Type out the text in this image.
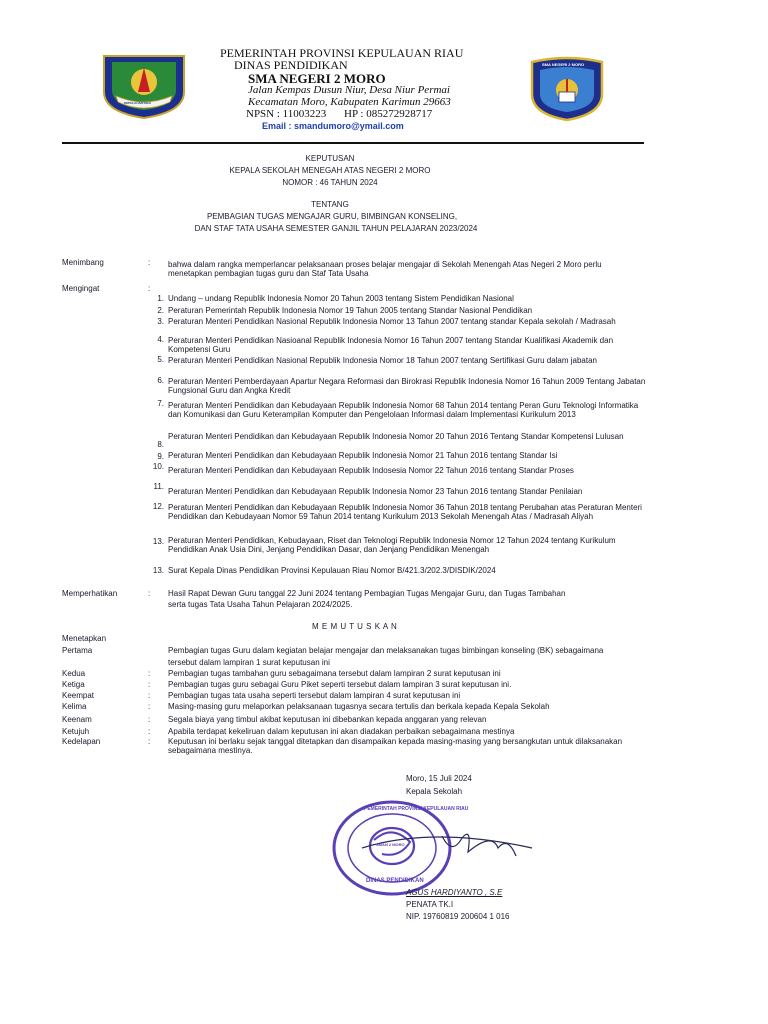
KEPULAUAN RIAU
PEMERINTAH PROVINSI KEPULAUAN RIAU
DINAS PENDIDIKAN
SMA NEGERI 2 MORO
Jalan Kempas Dusun Niur, Desa Niur Permai
Kecamatan Moro, Kabupaten Karimun 29663
NPSN : 11003223 HP : 085272928717
Email : smandumoro@ymail.com
SMA NEGERI 2 MORO
KEPUTUSAN
KEPALA SEKOLAH MENEGAH ATAS NEGERI 2 MORO
NOMOR : 46 TAHUN 2024
TENTANG
PEMBAGIAN TUGAS MENGAJAR GURU, BIMBINGAN KONSELING,
DAN STAF TATA USAHA SEMESTER GANJIL TAHUN PELAJARAN 2023/2024
Menimbang	: bahwa dalam rangka memperlancar pelaksanaan proses belajar mengajar di Sekolah Menengah Atas Negeri 2 Moro perlu menetapkan pembagian tugas guru dan Staf Tata Usaha
Mengingat	:
1. Undang – undang Republik Indonesia Nomor 20 Tahun 2003 tentang Sistem Pendidikan Nasional
2. Peraturan Pemerintah Republik Indonesia Nomor 19 Tahun 2005 tentang Standar Nasional Pendidikan
3. Peraturan Menteri Pendidikan Nasional Republik Indonesia Nomor 13 Tahun 2007 tentang standar Kepala sekolah / Madrasah
4. Peraturan Menteri Pendidikan Nasioanal Republik Indonesia Nomor 16 Tahun 2007 tentang Standar Kualifikasi Akademik dan Kompetensi Guru
5. Peraturan Menteri Pendidikan Nasional Republik Indonesia Nomor 18 Tahun 2007 tentang Sertifikasi Guru dalam jabatan
6. Peraturan Menteri Pemberdayaan Apartur Negara Reformasi dan Birokrasi Republik Indonesia Nomor 16 Tahun 2009 Tentang Jabatan Fungsional Guru dan Angka Kredit
7. Peraturan Menteri Pendidikan dan Kebudayaan Republik Indonesia Nomor 68 Tahun 2014 tentang Peran Guru Teknologi Informatika dan Komunikasi dan Guru Keterampilan Komputer dan Pengelolaan Informasi dalam Implementasi Kurikulum 2013
8.
Peraturan Menteri Pendidikan dan Kebudayaan Republik Indonesia Nomor 20 Tahun 2016 Tentang Standar Kompetensi Lulusan
9. Peraturan Menteri Pendidikan dan Kebudayaan Republik Indonesia Nomor 21 Tahun 2016 tentang Standar Isi
10. Peraturan Menteri Pendidikan dan Kebudayaan Republik Indosesia Nomor 22 Tahun 2016 tentang Standar Proses
11.
Peraturan Menteri Pendidikan dan Kebudayaan Republik Indonesia Nomor 23 Tahun 2016 tentang Standar Penilaian
12. Peraturan Menteri Pendidikan dan Kebudayaan Republik Indonesia Nomor 36 Tahun 2018 tentang Perubahan atas Peraturan Menteri Pendidikan dan Kebudayaan Nomor 59 Tahun 2014 tentang Kurikulum 2013 Sekolah Menengah Atas / Madrasah Aliyah
13. Peraturan Menteri Pendidikan, Kebudayaan, Riset dan Teknologi Republik Indonesia Nomor 12 Tahun 2024 tentang Kurikulum Pendidikan Anak Usia Dini, Jenjang Pendidikan Dasar, dan Jenjang Pendidikan Menengah
13. Surat Kepala Dinas Pendidikan Provinsi Kepulauan Riau Nomor B/421.3/202.3/DISDIK/2024
Memperhatikan	: Hasil Rapat Dewan Guru tanggal 22 Juni 2024 tentang Pembagian Tugas Mengajar Guru, dan Tugas Tambahan serta tugas Tata Usaha Tahun Pelajaran 2024/2025.
M E M U T U S K A N
Menetapkan
Pertama	Pembagian tugas Guru dalam kegiatan belajar mengajar dan melaksanakan tugas bimbingan konseling (BK) sebagaimana tersebut dalam lampiran 1 surat keputusan ini
Kedua	: Pembagian tugas tambahan guru sebagaimana tersebut dalam lampiran 2 surat keputusan ini
Ketiga	: Pembagian tugas guru sebagai Guru Piket seperti tersebut dalam lampiran 3 surat keputusan ini.
Keempat	: Pembagian tugas tata usaha seperti tersebut dalam lampiran 4 surat keputusan ini
Kelima	: Masing-masing guru melaporkan pelaksanaan tugasnya secara tertulis dan berkala kepada Kepala Sekolah
Keenam	: Segala biaya yang timbul akibat keputusan ini dibebankan kepada anggaran yang relevan
Ketujuh	: Apabila terdapat kekeliruan dalam keputusan ini akan diadakan perbaikan sebagaimana mestinya
Kedelapan	: Keputusan ini berlaku sejak tanggal ditetapkan dan disampaikan kepada masing-masing yang bersangkutan untuk dilaksanakan sebagaimana mestinya.
Moro, 15 Juli 2024
Kepala Sekolah
PEMERINTAH PROVINSI KEPULAUAN RIAU
SMAN 2 MORO
DINAS PENDIDIKAN
AGUS HARDIYANTO , S.E
PENATA TK.I
NIP. 19760819 200604 1 016
